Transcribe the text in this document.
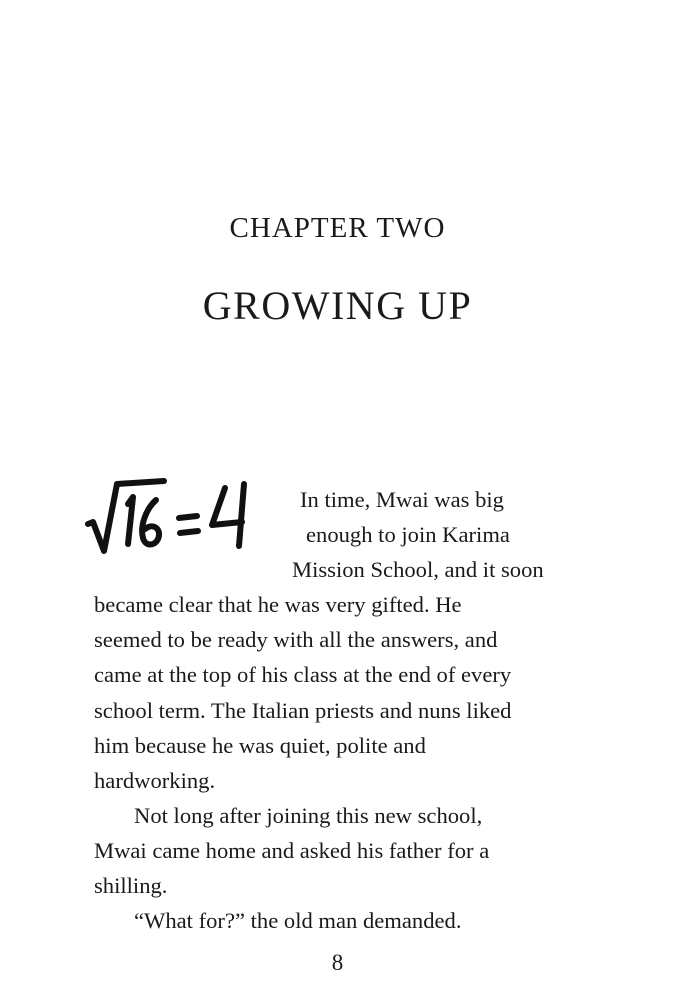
CHAPTER TWO
GROWING UP
In time, Mwai was big
enough to join Karima
Mission School, and it soon
became clear that he was very gifted. He
seemed to be ready with all the answers, and
came at the top of his class at the end of every
school term. The Italian priests and nuns liked
him because he was quiet, polite and
hardworking.
Not long after joining this new school,
Mwai came home and asked his father for a
shilling.
“What for?” the old man demanded.
8
